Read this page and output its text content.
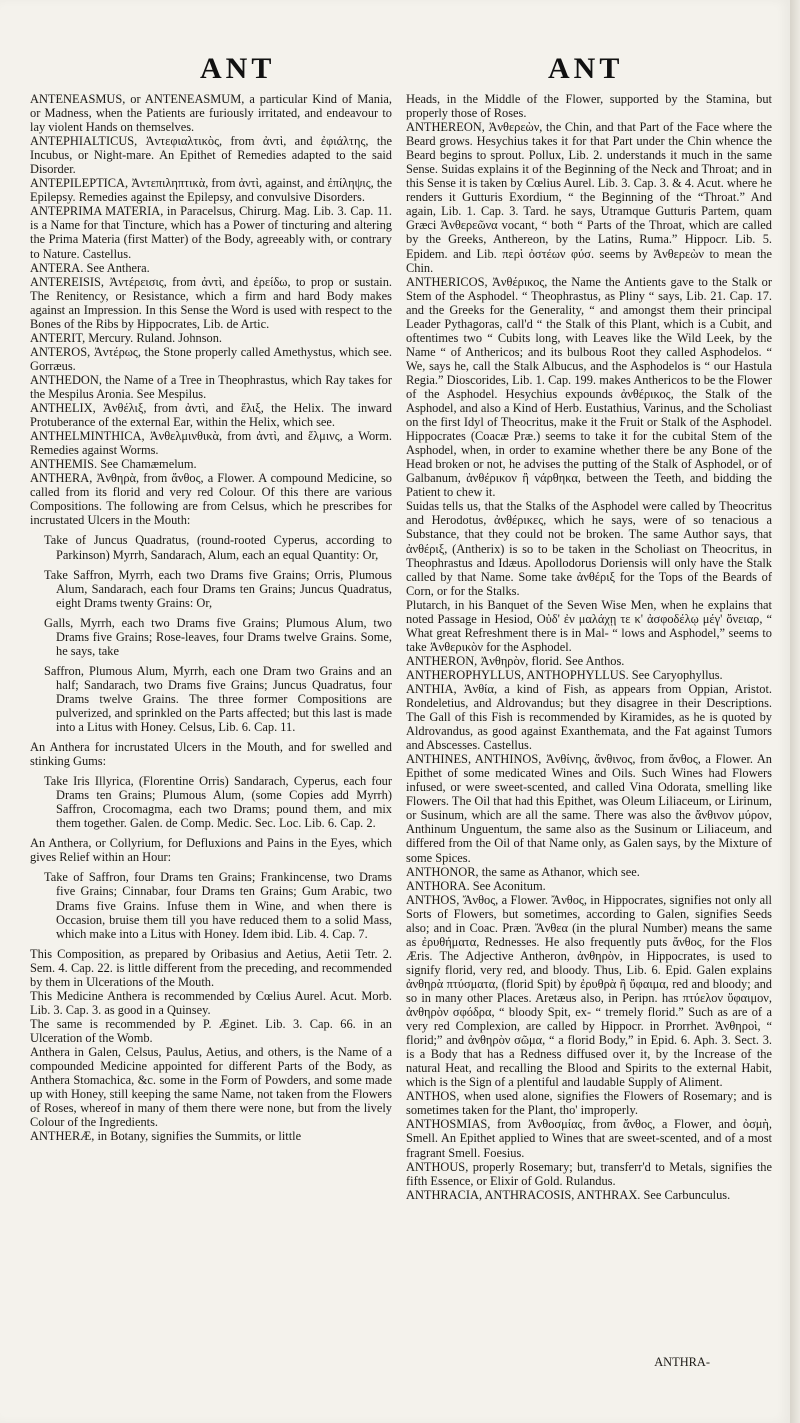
ANT	ANT

ANTENEASMUS, or ANTENEASMUM, a particular Kind of Mania, or Madness, when the Patients are furiously irritated, and endeavour to lay violent Hands on themselves.

ANTEPHIALTICUS, Ἀντεφιαλτικὸς, from ἀντὶ, and ἐφιάλτης, the Incubus, or Night-mare. An Epithet of Remedies adapted to the said Disorder.

ANTEPILEPTICA, Ἀντεπιληπτικὰ, from ἀντὶ, against, and ἐπίληψις, the Epilepsy. Remedies against the Epilepsy, and convulsive Disorders.

ANTEPRIMA MATERIA, in Paracelsus, Chirurg. Mag. Lib. 3. Cap. 11. is a Name for that Tincture, which has a Power of tincturing and altering the Prima Materia (first Matter) of the Body, agreeably with, or contrary to Nature. Castellus.

ANTERA. See Anthera.

ANTEREISIS, Ἀντέρεισις, from ἀντὶ, and ἐρείδω, to prop or sustain. The Renitency, or Resistance, which a firm and hard Body makes against an Impression. In this Sense the Word is used with respect to the Bones of the Ribs by Hippocrates, Lib. de Artic.

ANTERIT, Mercury. Ruland. Johnson.

ANTEROS, Ἀντέρως, the Stone properly called Amethystus, which see. Gorræus.

ANTHEDON, the Name of a Tree in Theophrastus, which Ray takes for the Mespilus Aronia. See Mespilus.

ANTHELIX, Ἀνθέλιξ, from ἀντὶ, and ἕλιξ, the Helix. The inward Protuberance of the external Ear, within the Helix, which see.

ANTHELMINTHICA, Ἀνθελμινθικὰ, from ἀντὶ, and ἕλμινς, a Worm. Remedies against Worms.

ANTHEMIS. See Chamæmelum.

ANTHERA, Ἀνθηρὰ, from ἄνθος, a Flower. A compound Medicine, so called from its florid and very red Colour. Of this there are various Compositions. The following are from Celsus, which he prescribes for incrustated Ulcers in the Mouth:

Take of Juncus Quadratus, (round-rooted Cyperus, according to Parkinson) Myrrh, Sandarach, Alum, each an equal Quantity: Or,

Take Saffron, Myrrh, each two Drams five Grains; Orris, Plumous Alum, Sandarach, each four Drams ten Grains; Juncus Quadratus, eight Drams twenty Grains: Or,

Galls, Myrrh, each two Drams five Grains; Plumous Alum, two Drams five Grains; Rose-leaves, four Drams twelve Grains. Some, he says, take

Saffron, Plumous Alum, Myrrh, each one Dram two Grains and an half; Sandarach, two Drams five Grains; Juncus Quadratus, four Drams twelve Grains. The three former Compositions are pulverized, and sprinkled on the Parts affected; but this last is made into a Litus with Honey. Celsus, Lib. 6. Cap. 11.

An Anthera for incrustated Ulcers in the Mouth, and for swelled and stinking Gums:

Take Iris Illyrica, (Florentine Orris) Sandarach, Cyperus, each four Drams ten Grains; Plumous Alum, (some Copies add Myrrh) Saffron, Crocomagma, each two Drams; pound them, and mix them together. Galen. de Comp. Medic. Sec. Loc. Lib. 6. Cap. 2.

An Anthera, or Collyrium, for Defluxions and Pains in the Eyes, which gives Relief within an Hour:

Take of Saffron, four Drams ten Grains; Frankincense, two Drams five Grains; Cinnabar, four Drams ten Grains; Gum Arabic, two Drams five Grains. Infuse them in Wine, and when there is Occasion, bruise them till you have reduced them to a solid Mass, which make into a Litus with Honey. Idem ibid. Lib. 4. Cap. 7.

This Composition, as prepared by Oribasius and Aetius, Aetii Tetr. 2. Sem. 4. Cap. 22. is little different from the preceding, and recommended by them in Ulcerations of the Mouth.

This Medicine Anthera is recommended by Cœlius Aurel. Acut. Morb. Lib. 3. Cap. 3. as good in a Quinsey.

The same is recommended by P. Æginet. Lib. 3. Cap. 66. in an Ulceration of the Womb.

Anthera in Galen, Celsus, Paulus, Aetius, and others, is the Name of a compounded Medicine appointed for different Parts of the Body, as Anthera Stomachica, &c. some in the Form of Powders, and some made up with Honey, still keeping the same Name, not taken from the Flowers of Roses, whereof in many of them there were none, but from the lively Colour of the Ingredients.

ANTHERÆ, in Botany, signifies the Summits, or little

Heads, in the Middle of the Flower, supported by the Stamina, but properly those of Roses.

ANTHEREON, Ἀνθερεὼν, the Chin, and that Part of the Face where the Beard grows. Hesychius takes it for that Part under the Chin whence the Beard begins to sprout. Pollux, Lib. 2. understands it much in the same Sense. Suidas explains it of the Beginning of the Neck and Throat; and in this Sense it is taken by Cœlius Aurel. Lib. 3. Cap. 3. & 4. Acut. where he renders it Gutturis Exordium, “ the Beginning of the “Throat.” And again, Lib. 1. Cap. 3. Tard. he says, Utramque Gutturis Partem, quam Græci Ἀνθερεῶνα vocant, “ both “ Parts of the Throat, which are called by the Greeks, Anthereon, by the Latins, Ruma.” Hippocr. Lib. 5. Epidem. and Lib. περὶ ὀστέων φύσ. seems by Ἀνθερεὼν to mean the Chin.

ANTHERICOS, Ἀνθέρικος, the Name the Antients gave to the Stalk or Stem of the Asphodel. “ Theophrastus, as Pliny “ says, Lib. 21. Cap. 17. and the Greeks for the Generality, “ and amongst them their principal Leader Pythagoras, call'd “ the Stalk of this Plant, which is a Cubit, and oftentimes two “ Cubits long, with Leaves like the Wild Leek, by the Name “ of Anthericos; and its bulbous Root they called Asphodelos. “ We, says he, call the Stalk Albucus, and the Asphodelos is “ our Hastula Regia.” Dioscorides, Lib. 1. Cap. 199. makes Anthericos to be the Flower of the Asphodel. Hesychius expounds ἀνθέρικος, the Stalk of the Asphodel, and also a Kind of Herb. Eustathius, Varinus, and the Scholiast on the first Idyl of Theocritus, make it the Fruit or Stalk of the Asphodel. Hippocrates (Coacæ Præ.) seems to take it for the cubital Stem of the Asphodel, when, in order to examine whether there be any Bone of the Head broken or not, he advises the putting of the Stalk of Asphodel, or of Galbanum, ἀνθέρικον ἢ νάρθηκα, between the Teeth, and bidding the Patient to chew it.

Suidas tells us, that the Stalks of the Asphodel were called by Theocritus and Herodotus, ἀνθέρικες, which he says, were of so tenacious a Substance, that they could not be broken. The same Author says, that ἀνθέριξ, (Antherix) is so to be taken in the Scholiast on Theocritus, in Theophrastus and Idæus. Apollodorus Doriensis will only have the Stalk called by that Name. Some take ἀνθέριξ for the Tops of the Beards of Corn, or for the Stalks.

Plutarch, in his Banquet of the Seven Wise Men, when he explains that noted Passage in Hesiod, Οὐδ' ἐν μαλάχῃ τε κ' ἀσφοδέλῳ μέγ' ὄνειαρ, “ What great Refreshment there is in Mal- “ lows and Asphodel,” seems to take Ἀνθερικὸν for the Asphodel.

ANTHERON, Ἀνθηρὸν, florid. See Anthos.

ANTHEROPHYLLUS, ANTHOPHYLLUS. See Caryophyllus.

ANTHIA, Ἀνθία, a kind of Fish, as appears from Oppian, Aristot. Rondeletius, and Aldrovandus; but they disagree in their Descriptions. The Gall of this Fish is recommended by Kiramides, as he is quoted by Aldrovandus, as good against Exanthemata, and the Fat against Tumors and Abscesses. Castellus.

ANTHINES, ANTHINOS, Ἀνθίνης, ἄνθινος, from ἄνθος, a Flower. An Epithet of some medicated Wines and Oils. Such Wines had Flowers infused, or were sweet-scented, and called Vina Odorata, smelling like Flowers. The Oil that had this Epithet, was Oleum Liliaceum, or Lirinum, or Susinum, which are all the same. There was also the ἄνθινον μύρον, Anthinum Unguentum, the same also as the Susinum or Liliaceum, and differed from the Oil of that Name only, as Galen says, by the Mixture of some Spices.

ANTHONOR, the same as Athanor, which see.

ANTHORA. See Aconitum.

ANTHOS, Ἄνθος, a Flower. Ἄνθος, in Hippocrates, signifies not only all Sorts of Flowers, but sometimes, according to Galen, signifies Seeds also; and in Coac. Præn. Ἄνθεα (in the plural Number) means the same as ἐρυθήματα, Rednesses. He also frequently puts ἄνθος, for the Flos Æris. The Adjective Antheron, ἀνθηρὸν, in Hippocrates, is used to signify florid, very red, and bloody. Thus, Lib. 6. Epid. Galen explains ἀνθηρὰ πτύσματα, (florid Spit) by ἐρυθρὰ ἢ ὕφαιμα, red and bloody; and so in many other Places. Aretæus also, in Peripn. has πτύελον ὕφαιμον, ἀνθηρὸν σφόδρα, “ bloody Spit, ex- “ tremely florid.” Such as are of a very red Complexion, are called by Hippocr. in Prorrhet. Ἀνθηροὶ, “ florid;” and ἀνθηρὸν σῶμα, “ a florid Body,” in Epid. 6. Aph. 3. Sect. 3. is a Body that has a Redness diffused over it, by the Increase of the natural Heat, and recalling the Blood and Spirits to the external Habit, which is the Sign of a plentiful and laudable Supply of Aliment.

ANTHOS, when used alone, signifies the Flowers of Rosemary; and is sometimes taken for the Plant, tho' improperly.

ANTHOSMIAS, from Ἀνθοσμίας, from ἄνθος, a Flower, and ὀσμὴ, Smell. An Epithet applied to Wines that are sweet-scented, and of a most fragrant Smell. Foesius.

ANTHOUS, properly Rosemary; but, transferr'd to Metals, signifies the fifth Essence, or Elixir of Gold. Rulandus.

ANTHRACIA, ANTHRACOSIS, ANTHRAX. See Carbunculus.

ANTHRA-
